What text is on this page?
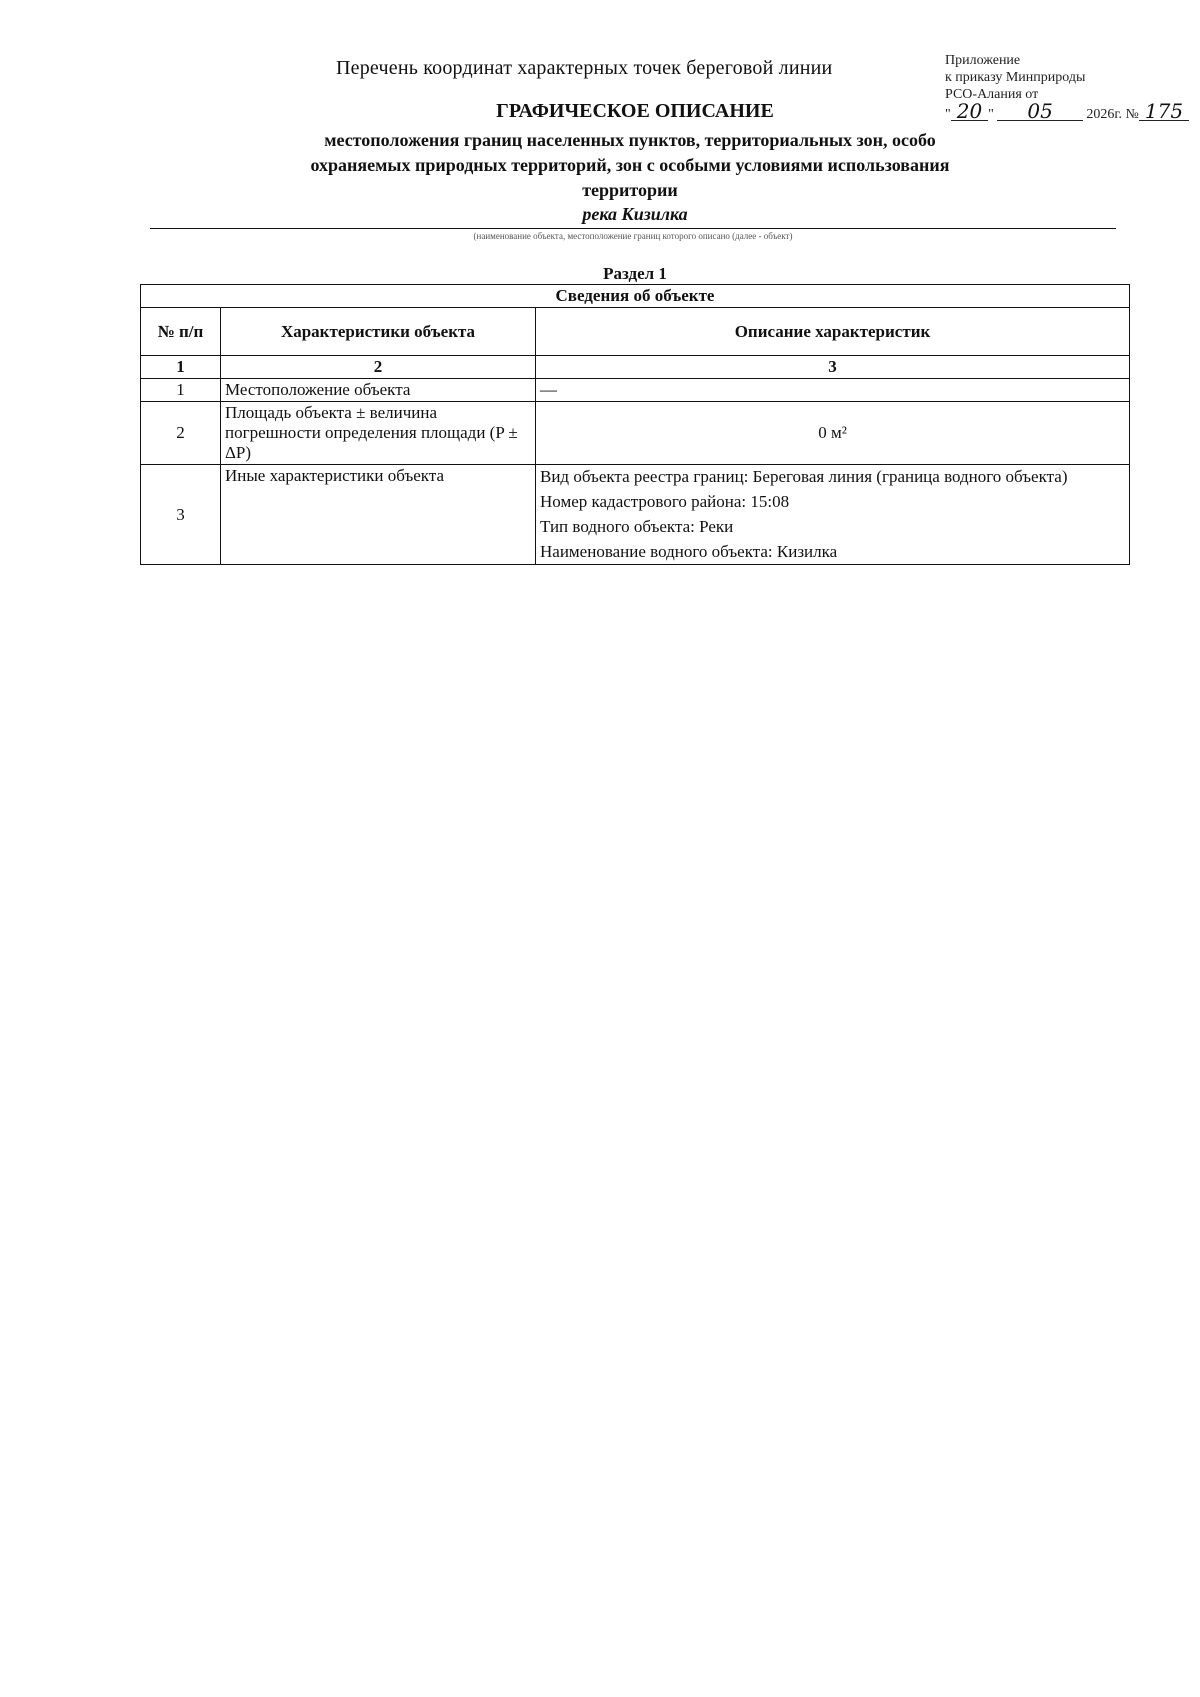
Перечень координат характерных точек береговой линии	Приложение
к приказу Минприроды
РСО-Алания от
" 20 " 05 2026г. № 175
ГРАФИЧЕСКОЕ ОПИСАНИЕ
местоположения границ населенных пунктов, территориальных зон, особо охраняемых природных территорий, зон с особыми условиями использования территории
река Кизилка
(наименование объекта, местоположение границ которого описано (далее - объект)
Раздел 1
Сведения об объекте		
№ п/п	Характеристики объекта	Описание характеристик
1	2	3
1	Местоположение объекта	—
2	Площадь объекта ± величина погрешности определения площади (P ± ΔP)	0 м²
3	Иные характеристики объекта	Вид объекта реестра границ: Береговая линия (граница водного объекта)
Номер кадастрового района: 15:08
Тип водного объекта: Реки
Наименование водного объекта: Кизилка
